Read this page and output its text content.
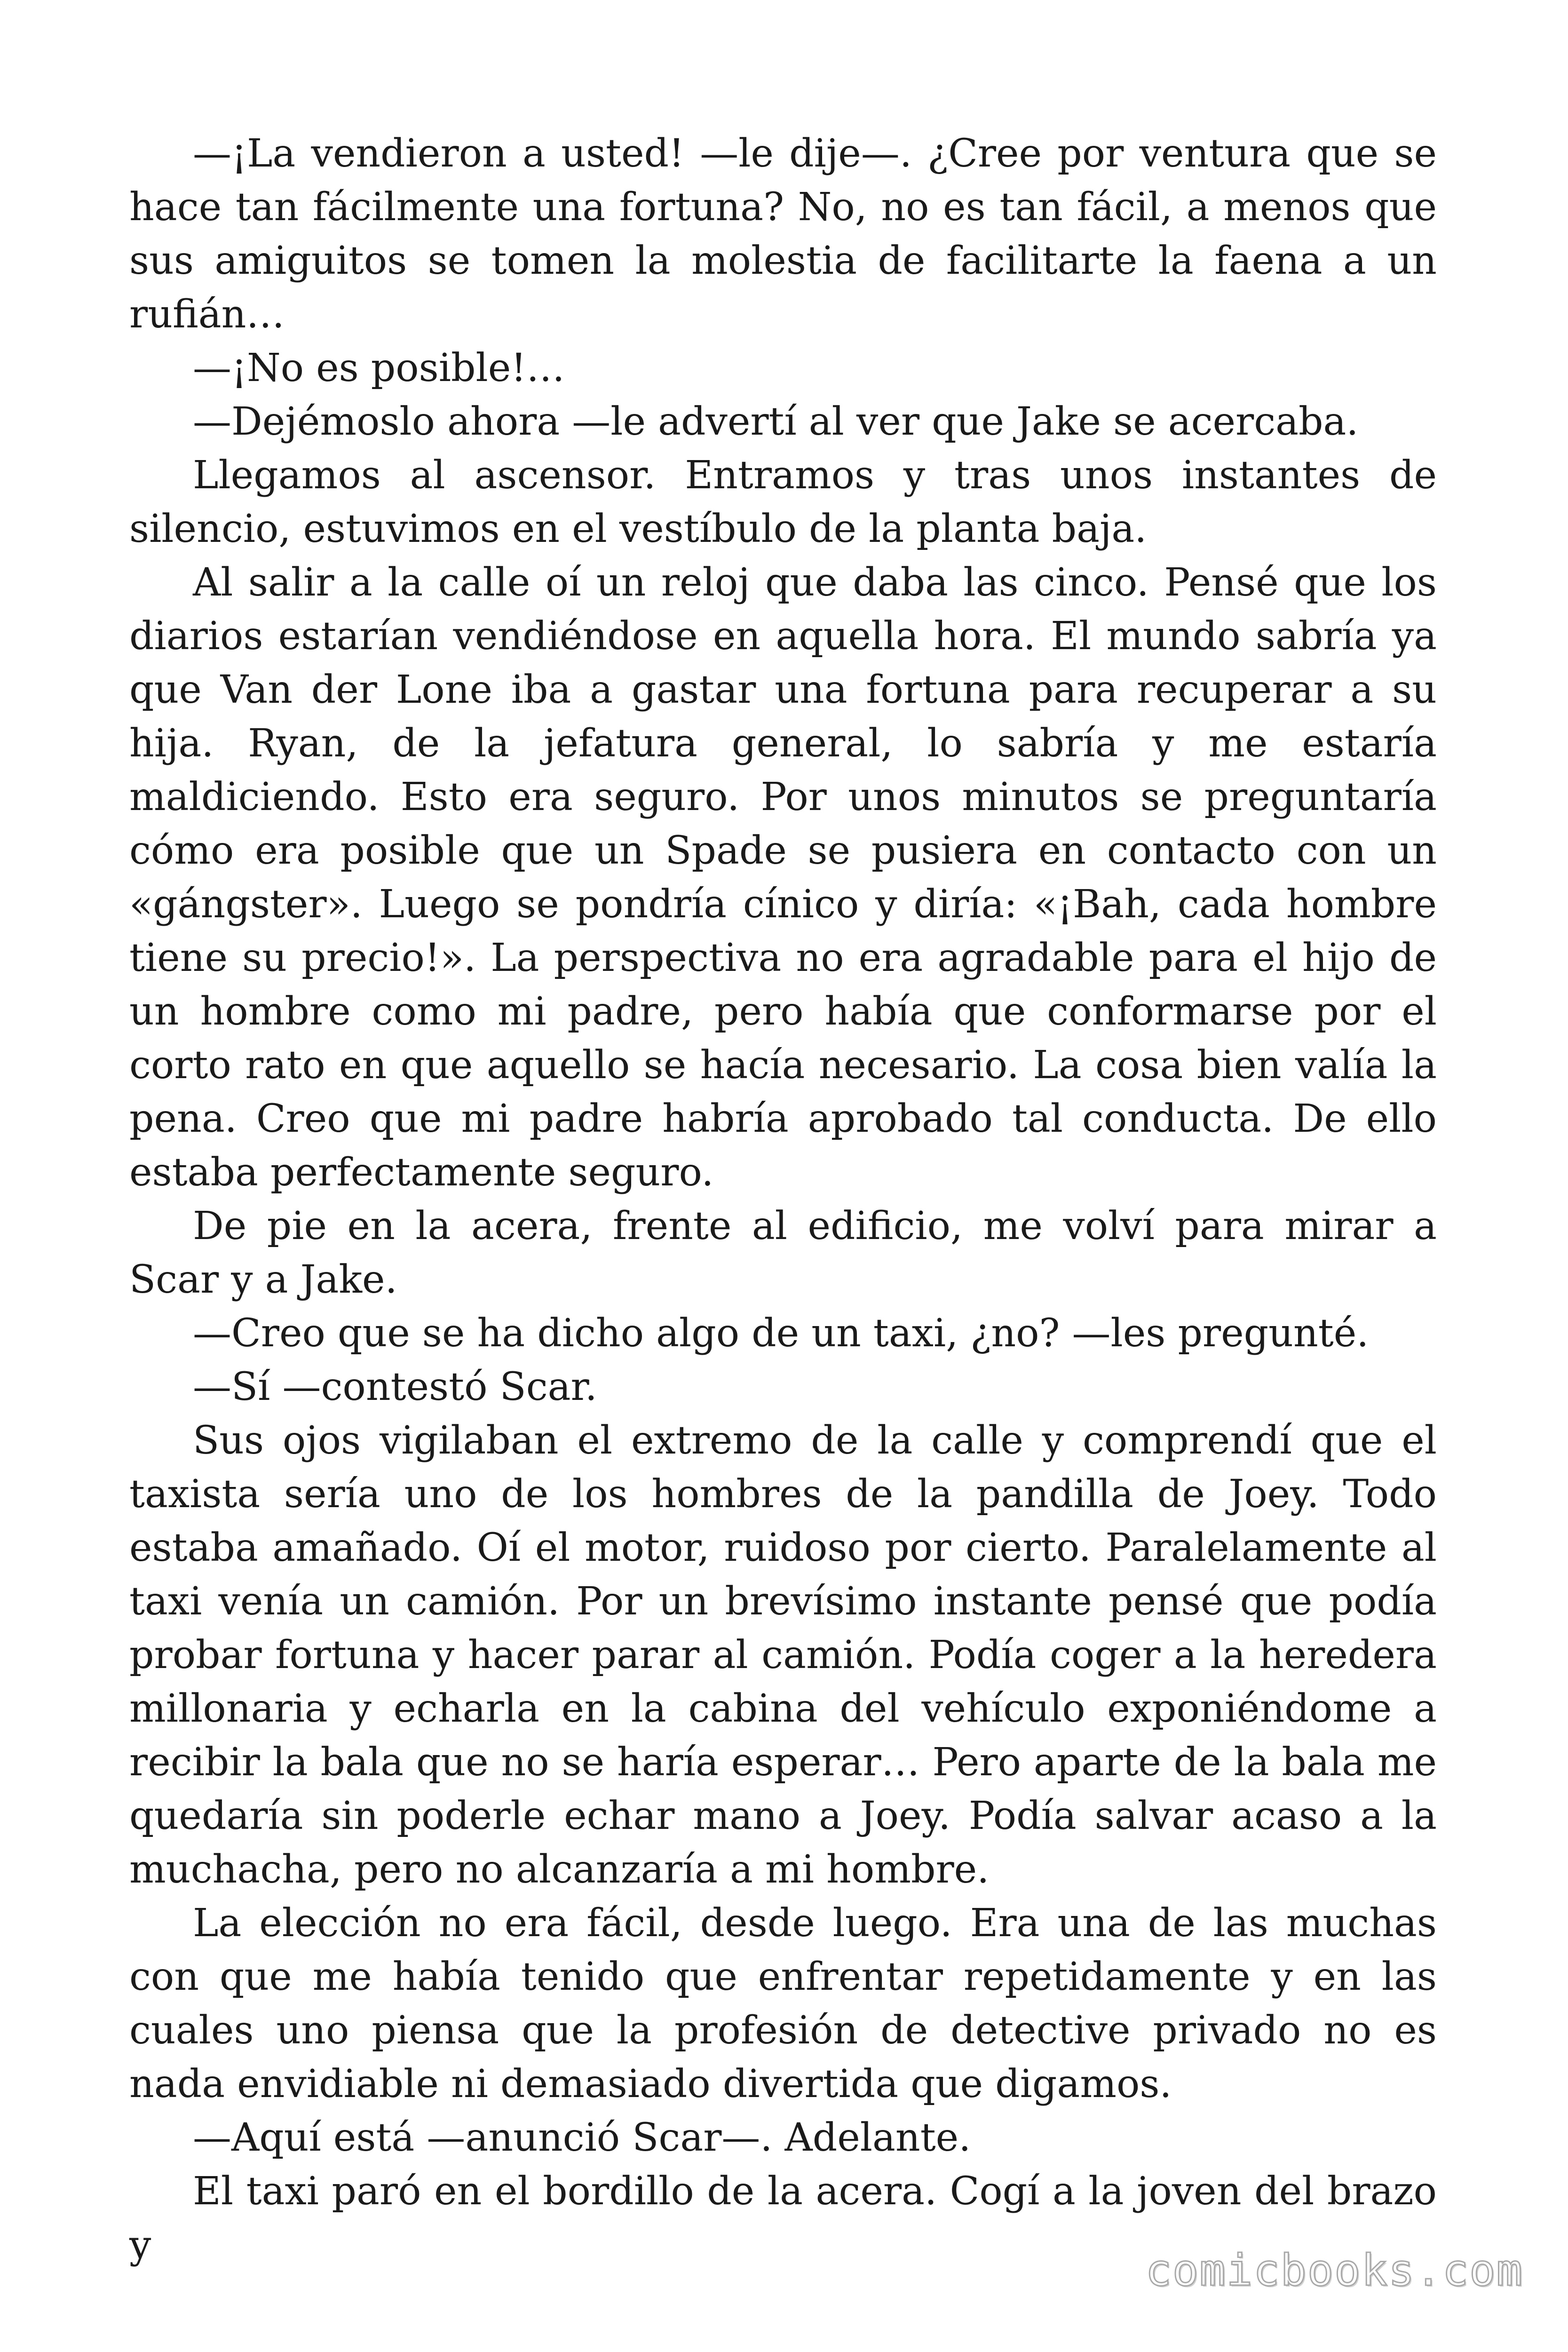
—¡La vendieron a usted! —le dije—. ¿Cree por ventura que se hace tan fácilmente una fortuna? No, no es tan fácil, a menos que sus amiguitos se tomen la molestia de facilitarte la faena a un rufián…

—¡No es posible!…

—Dejémoslo ahora —le advertí al ver que Jake se acercaba.

Llegamos al ascensor. Entramos y tras unos instantes de silencio, estuvimos en el vestíbulo de la planta baja.

Al salir a la calle oí un reloj que daba las cinco. Pensé que los diarios estarían vendiéndose en aquella hora. El mundo sabría ya que Van der Lone iba a gastar una fortuna para recuperar a su hija. Ryan, de la jefatura general, lo sabría y me estaría maldiciendo. Esto era seguro. Por unos minutos se preguntaría cómo era posible que un Spade se pusiera en contacto con un «gángster». Luego se pondría cínico y diría: «¡Bah, cada hombre tiene su precio!». La perspectiva no era agradable para el hijo de un hombre como mi padre, pero había que conformarse por el corto rato en que aquello se hacía necesario. La cosa bien valía la pena. Creo que mi padre habría aprobado tal conducta. De ello estaba perfectamente seguro.

De pie en la acera, frente al edificio, me volví para mirar a Scar y a Jake.

—Creo que se ha dicho algo de un taxi, ¿no? —les pregunté.

—Sí —contestó Scar.

Sus ojos vigilaban el extremo de la calle y comprendí que el taxista sería uno de los hombres de la pandilla de Joey. Todo estaba amañado. Oí el motor, ruidoso por cierto. Paralelamente al taxi venía un camión. Por un brevísimo instante pensé que podía probar fortuna y hacer parar al camión. Podía coger a la heredera millonaria y echarla en la cabina del vehículo exponiéndome a recibir la bala que no se haría esperar… Pero aparte de la bala me quedaría sin poderle echar mano a Joey. Podía salvar acaso a la muchacha, pero no alcanzaría a mi hombre.

La elección no era fácil, desde luego. Era una de las muchas con que me había tenido que enfrentar repetidamente y en las cuales uno piensa que la profesión de detective privado no es nada envidiable ni demasiado divertida que digamos.

—Aquí está —anunció Scar—. Adelante.

El taxi paró en el bordillo de la acera. Cogí a la joven del brazo y

comicbooks.com
